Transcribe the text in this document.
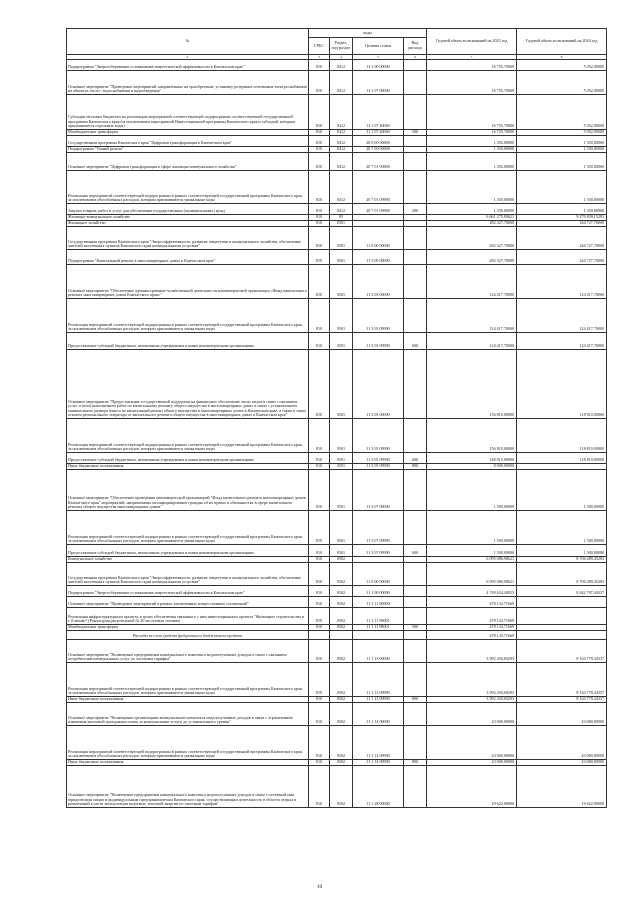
№	коды				Годовой объем ассигнований на 2023 год	Годовой объем ассигнований на 2024 год
	ГРБС	Раздел, под-раздел	Целевая статья	Вид расхода		
2	3	4	5	6	7	8
Подпрограмма "Энергосбережение и повышение энергетической эффективности в Камчатском крае"	810	0412	11 1 00 00000		16 755,70000	5 052,00000
Основное мероприятие "Проведение мероприятий, направленных на приобретение, установку резервных источников электроснабжения на объектах тепло-, водоснабжения и водоотведения"	810	0412	11 1 07 00000		16 755,70000	5 052,00000
Субсидии местным бюджетам на реализацию мероприятий соответствующей подпрограммы соответствующей государственной программы Камчатского края (за исключением мероприятий Инвестиционной программы Камчатского края и субсидий, которым присваиваются отдельные коды)	810	0412	11 1 07 40060		16 755,70000	5 052,00000
Межбюджетные трансферты	810	0412	11 1 07 40060	500	16 755,70000	5 052,00000
Государственная программа Камчатского края "Цифровая трансформация в Камчатском крае"	810	0412	20 0 00 00000		1 350,00000	1 350,00000
Подпрограмма "Умный регион"	810	0412	20 7 00 00000		1 350,00000	1 350,00000
Основное мероприятие "Цифровая трансформация в сфере жилищно-коммунального хозяйства"	810	0412	20 7 01 00000		1 350,00000	1 350,00000
Реализация мероприятий соответствующей подпрограммы в рамках соответствующей государственной программы Камчатского края, за исключением обособленных расходов, которым присваиваются уникальные коды	810	0412	20 7 01 09990		1 350,00000	1 350,00000
Закупка товаров, работ и услуг для обеспечения государственных (муниципальных) нужд	810	0412	20 7 01 09990	200	1 350,00000	1 350,00000
Жилищно-коммунальное хозяйство	810	05			6 661 275,80621	9 270 839,15283
Жилищное хозяйство	810	0501			282 327,70000	244 727,70000
Государственная программа Камчатского края "Энергоэффективность, развитие энергетики и коммунального хозяйства, обеспечение жителей населенных пунктов Камчатского края коммунальными услугами"	810	0501	11 0 00 00000		282 327,70000	244 727,70000
Подпрограмма "Капитальный ремонт в многоквартирных домах в Камчатском крае"	810	0501	11 3 00 00000		282 327,70000	244 727,70000
Основное мероприятие "Обеспечение административно-хозяйственной деятельности некоммерческой организации «Фонд капитального ремонта многоквартирных домов Камчатского края»"	810	0501	11 3 03 00000		124 417,70000	124 417,70000
Реализация мероприятий соответствующей подпрограммы в рамках соответствующей государственной программы Камчатского края, за исключением обособленных расходов, которым присваиваются уникальные коды	810	0501	11 3 03 09990		124 417,70000	124 417,70000
Предоставление субсидий бюджетным, автономным учреждениям и иным некоммерческим организациям	810	0501	11 3 03 09990	600	124 417,70000	124 417,70000
Основное мероприятие "Предоставление государственной поддержки на финансовое обеспечение части затрат в связи с оказанием услуг и (или) выполнением работ по капитальному ремонту общего имущества в многоквартирных домах в связи с установлением минимального размера взноса на капитальный ремонт общего имущества в многоквартирных домах в Камчатском крае, а также в связи отказом регионального оператора от капитального ремонта общего имущества в многоквартирных домах в Камчатском крае"	810	0501	11 3 05 00000		156 810,00000	118 810,00000
Реализация мероприятий соответствующей подпрограммы в рамках соответствующей государственной программы Камчатского края, за исключением обособленных расходов, которым присваиваются уникальные коды	810	0501	11 3 05 09990		156 810,00000	118 810,00000
Предоставление субсидий бюджетным, автономным учреждениям и иным некоммерческим организациям	810	0501	11 3 05 09990	600	148 810,00000	118 810,00000
Иные бюджетные ассигнования	810	0501	11 3 05 09990	800	8 000,00000	
Основное мероприятие "Обеспечение проведения некоммерческой организацией "Фонд капитального ремонта многоквартирных домов Камчатского края" мероприятий, направленных на информирование граждан об их правах и обязанностях в сфере капитального ремонта общего имущества многоквартирных домов"	810	0501	11 3 07 00000		1 500,00000	1 500,00000
Реализация мероприятий соответствующей подпрограммы в рамках соответствующей государственной программы Камчатского края, за исключением обособленных расходов, которым присваиваются уникальные коды	810	0501	11 3 07 09990		1 500,00000	1 500,00000
Предоставление субсидий бюджетным, автономным учреждениям и иным некоммерческим организациям	810	0501	11 3 07 09990	600	1 500,00000	1 500,00000
Коммунальное хозяйство	810	0502			6 095 086,98621	8 706 489,45283
Государственная программа Камчатского края "Энергоэффективность, развитие энергетики и коммунального хозяйства, обеспечение жителей населенных пунктов Камчатского края коммунальными услугами"	810	0502	11 0 00 00000		6 095 086,98621	8 706 489,45283
Подпрограмма "Энергосбережение и повышение энергетической эффективности в Камчатском крае"	810	0502	11 1 00 00000		4 749 634,40953	8 442 797,44337
Основное мероприятие "Проведение мероприятий в рамках заключенных концессионных соглашений"	810	0502	11 1 11 00000		478 134,71669	
Реализация инфраструктурного проекта, в целях обеспечения связанного с ним инвестиционного проекта "Жилищное строительство в г. Елизово" (Реконструкция котельной № 20 на газовом топливе)	810	0502	11 1 11 98001		478 134,71669	
Межбюджетные трансферты	810	0502	11 1 11 98001	500	478 134,71669	
Расходы за счет средств федерального бюджетного кредита					478 134,71669	
Основное мероприятие "Возмещение предприятиям коммунального комплекса недополученных доходов в связи с оказанием потребителям коммунальных услуг по льготным тарифам"	810	0502	11 1 13 00000		3 992 450,69293	8 163 770,44337
Реализация мероприятий соответствующей подпрограммы в рамках соответствующей государственной программы Камчатского края, за исключением обособленных расходов, которым присваиваются уникальные коды	810	0502	11 1 13 09990		3 992 450,69293	8 163 770,44337
Иные бюджетные ассигнования	810	0502	11 1 13 09990	800	3 992 450,69293	8 163 770,44337
Основное мероприятие "Возмещение организациям коммунального комплекса недополученных доходов в связи с ограничением изменения вносимой гражданами платы за коммунальные услуги до установленного уровня"	810	0502	11 1 14 00000		43 000,00000	43 000,00000
Реализация мероприятий соответствующей подпрограммы в рамках соответствующей государственной программы Камчатского края, за исключением обособленных расходов, которым присваиваются уникальные коды	810	0502	11 1 14 09990		43 000,00000	43 000,00000
Иные бюджетные ассигнования	810	0502	11 1 14 09990	800	43 000,00000	43 000,00000
Основное мероприятие "Возмещение предприятиям коммунального комплекса недополученных доходов в связи с поставкой ими юридическим лицам и индивидуальным предпринимателям Камчатского края, осуществляющим деятельность в области отдыха и развлечений в части эксплуатации водоемов, тепловой энергии по льготным тарифам"	810	0502	11 1 28 00000		19 622,00000	19 622,00000
10
